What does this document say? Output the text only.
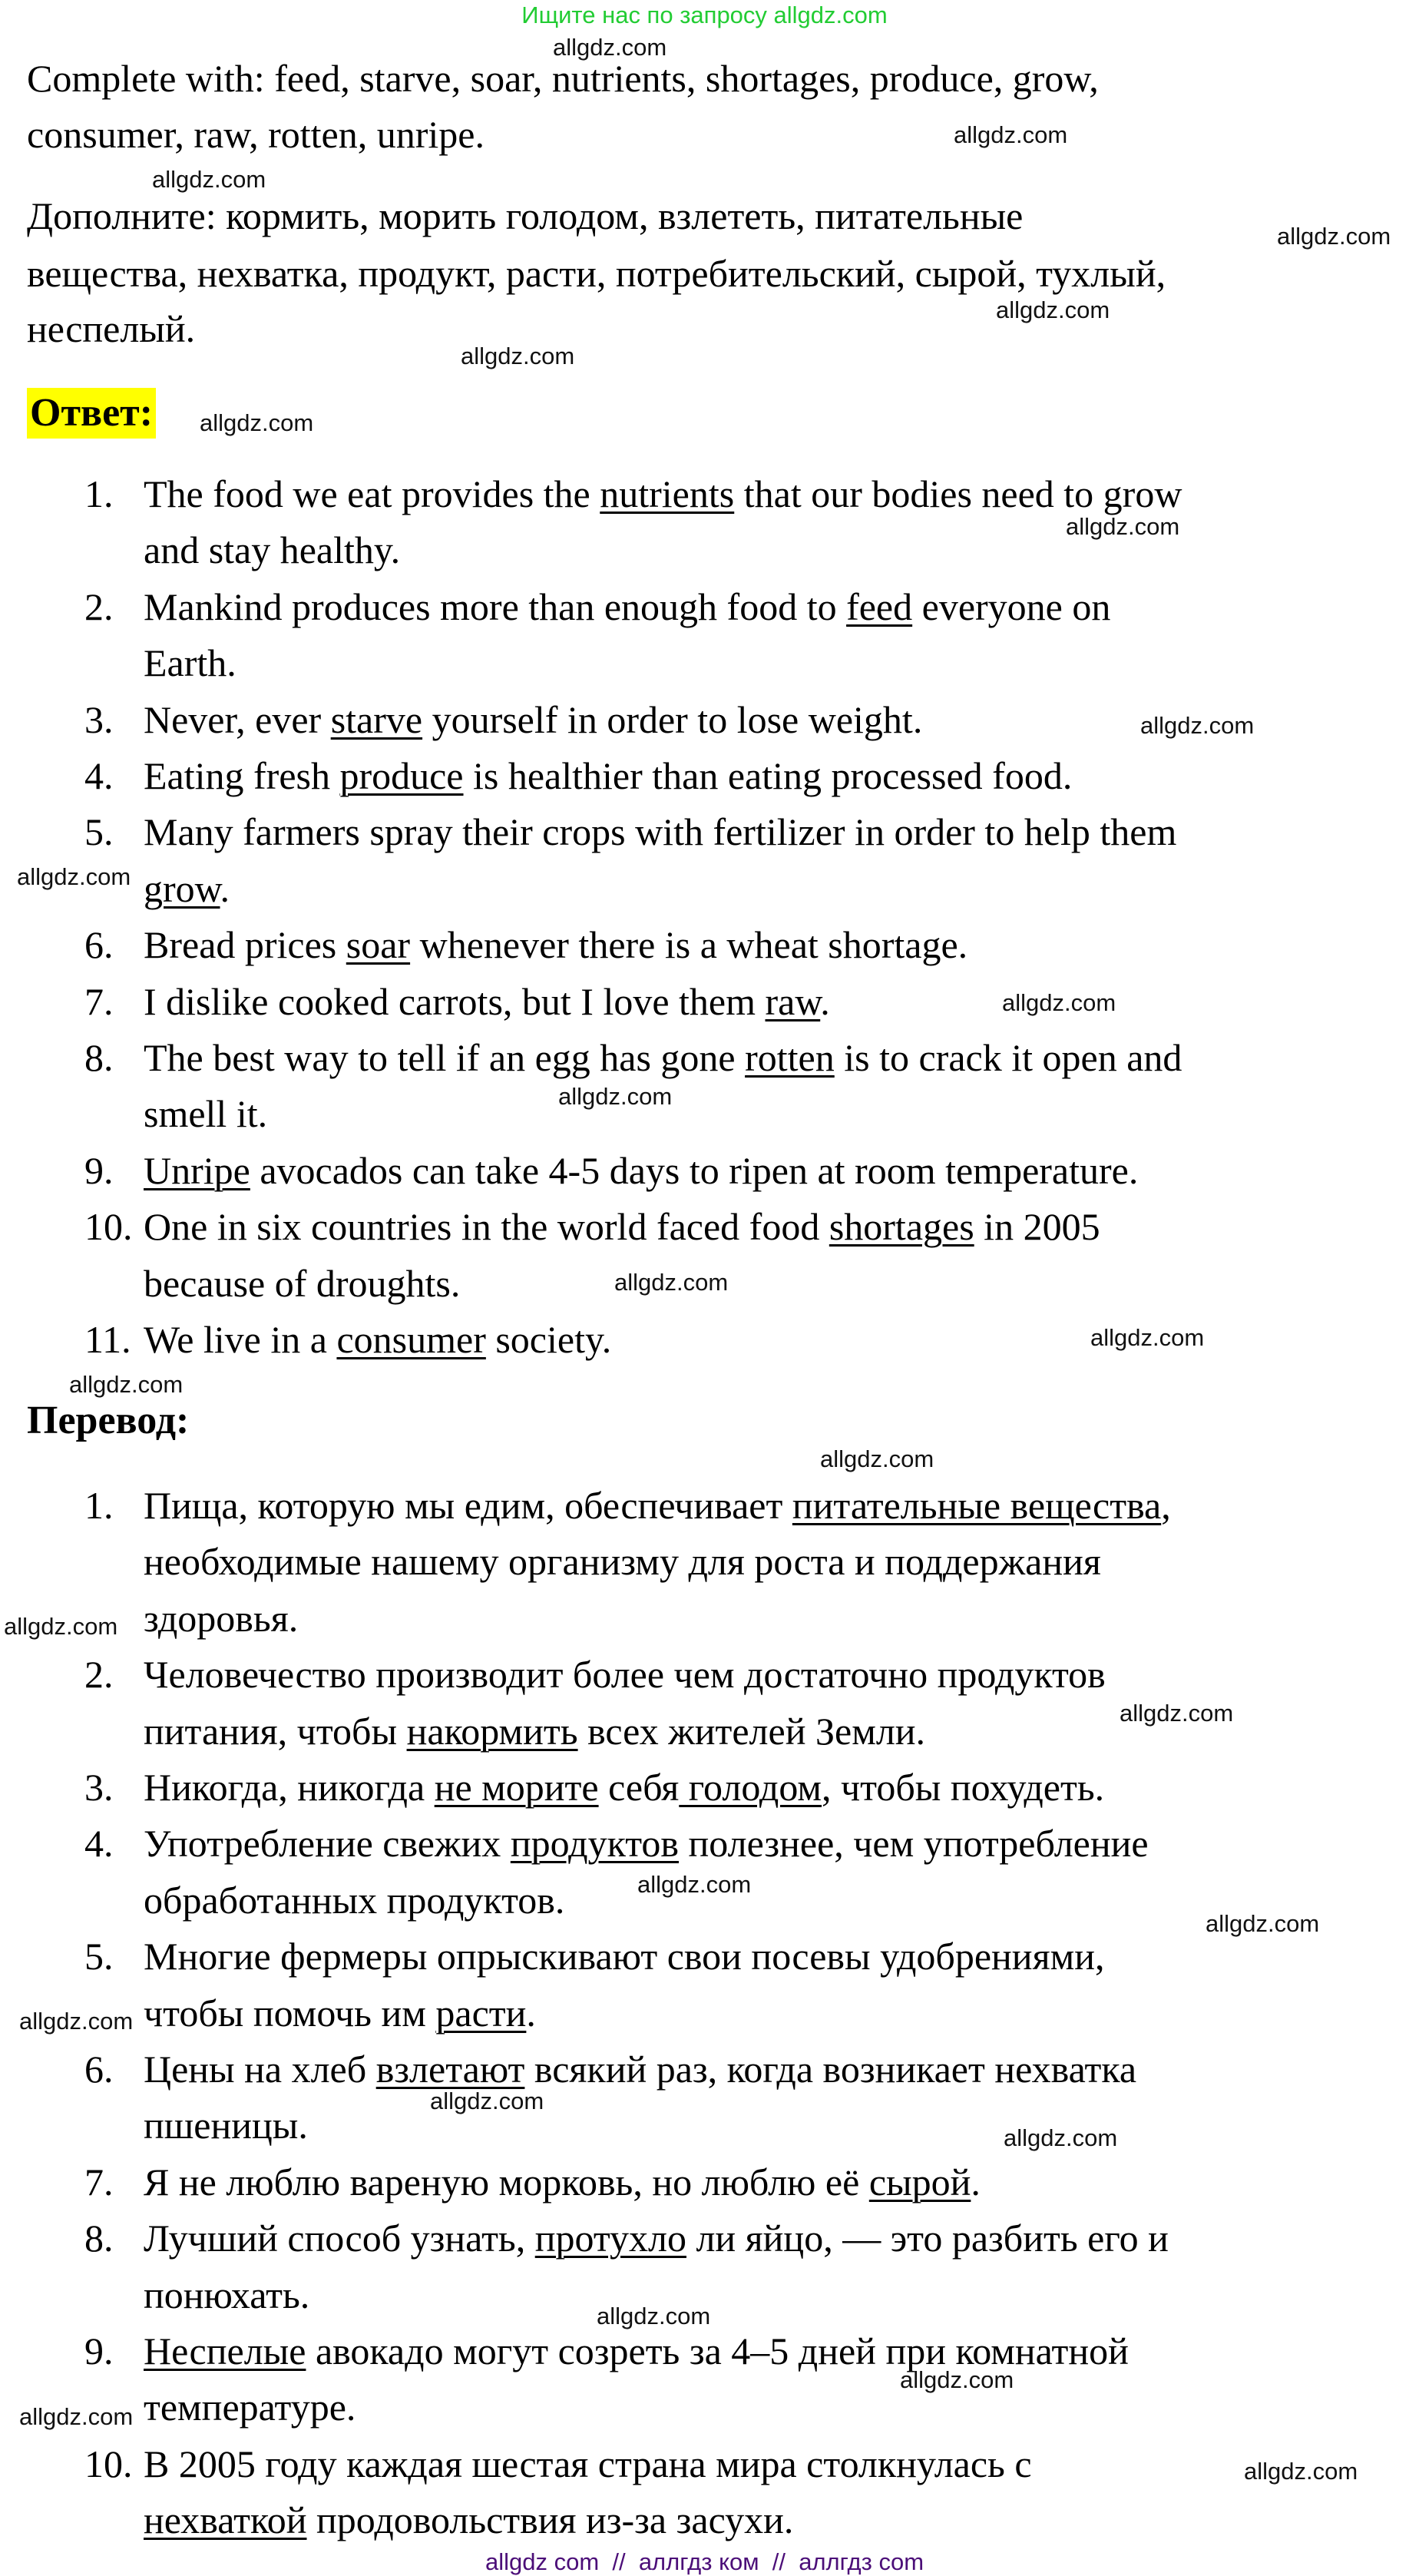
Ищите нас по запросу allgdz.com
Complete with: feed, starve, soar, nutrients, shortages, produce, grow,
consumer, raw, rotten, unripe.
Дополните: кормить, морить голодом, взлететь, питательные
вещества, нехватка, продукт, расти, потребительский, сырой, тухлый,
неспелый.
Ответ:
1. The food we eat provides the nutrients that our bodies need to grow
and stay healthy.
2. Mankind produces more than enough food to feed everyone on
Earth.
3. Never, ever starve yourself in order to lose weight.
4. Eating fresh produce is healthier than eating processed food.
5. Many farmers spray their crops with fertilizer in order to help them
grow.
6. Bread prices soar whenever there is a wheat shortage.
7. I dislike cooked carrots, but I love them raw.
8. The best way to tell if an egg has gone rotten is to crack it open and
smell it.
9. Unripe avocados can take 4-5 days to ripen at room temperature.
10. One in six countries in the world faced food shortages in 2005
because of droughts.
11. We live in a consumer society.
Перевод:
1. Пища, которую мы едим, обеспечивает питательные вещества,
необходимые нашему организму для роста и поддержания
здоровья.
2. Человечество производит более чем достаточно продуктов
питания, чтобы накормить всех жителей Земли.
3. Никогда, никогда не морите себя голодом, чтобы похудеть.
4. Употребление свежих продуктов полезнее, чем употребление
обработанных продуктов.
5. Многие фермеры опрыскивают свои посевы удобрениями,
чтобы помочь им расти.
6. Цены на хлеб взлетают всякий раз, когда возникает нехватка
пшеницы.
7. Я не люблю вареную морковь, но люблю её сырой.
8. Лучший способ узнать, протухло ли яйцо, — это разбить его и
понюхать.
9. Неспелые авокадо могут созреть за 4–5 дней при комнатной
температуре.
10. В 2005 году каждая шестая страна мира столкнулась с
нехваткой продовольствия из-за засухи.
allgdz.com
allgdz.com
allgdz.com
allgdz.com
allgdz.com
allgdz.com
allgdz.com
allgdz.com
allgdz.com
allgdz.com
allgdz.com
allgdz.com
allgdz.com
allgdz.com
allgdz.com
allgdz.com
allgdz.com
allgdz.com
allgdz.com
allgdz.com
allgdz.com
allgdz.com
allgdz.com
allgdz.com
allgdz.com
allgdz.com
allgdz.com
allgdz com  //  аллгдз ком  //  аллгдз com
